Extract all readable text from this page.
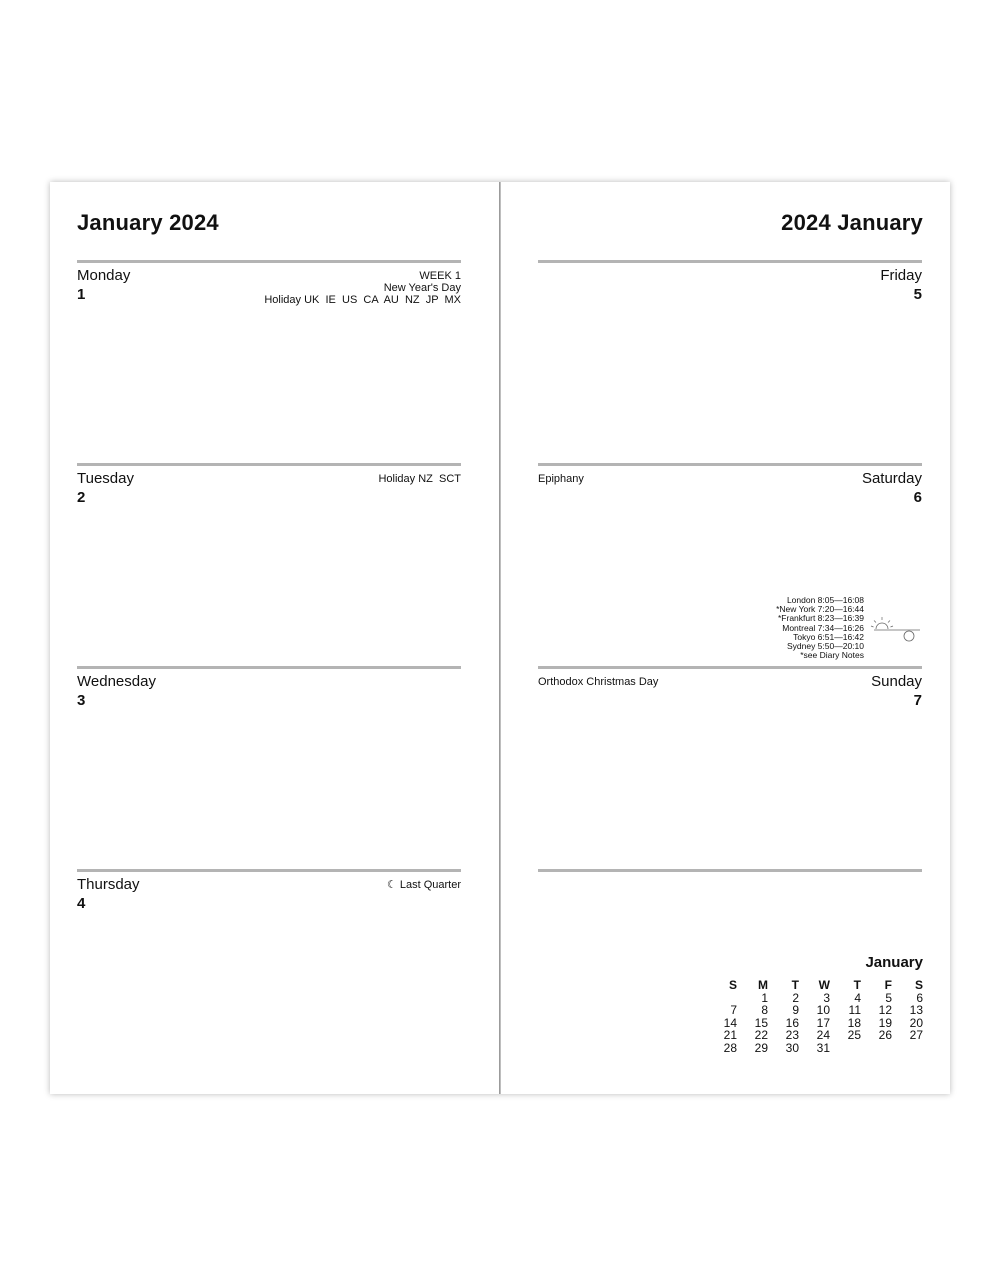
January 2024
Monday
1
WEEK 1
New Year's Day
Holiday UK  IE  US  CA  AU  NZ  JP  MX
Tuesday
2
Holiday NZ  SCT
Wednesday
3
Thursday
4
☾ Last Quarter
2024 January
Friday
5
Saturday
6
Epiphany
London 8:05—16:08
*New York 7:20—16:44
*Frankfurt 8:23—16:39
Montreal 7:34—16:26
Tokyo 6:51—16:42
Sydney 5:50—20:10
*see Diary Notes
Sunday
7
Orthodox Christmas Day
January
S	M	T	W	T	F	S
	1	2	3	4	5	6
7	8	9	10	11	12	13
14	15	16	17	18	19	20
21	22	23	24	25	26	27
28	29	30	31			
